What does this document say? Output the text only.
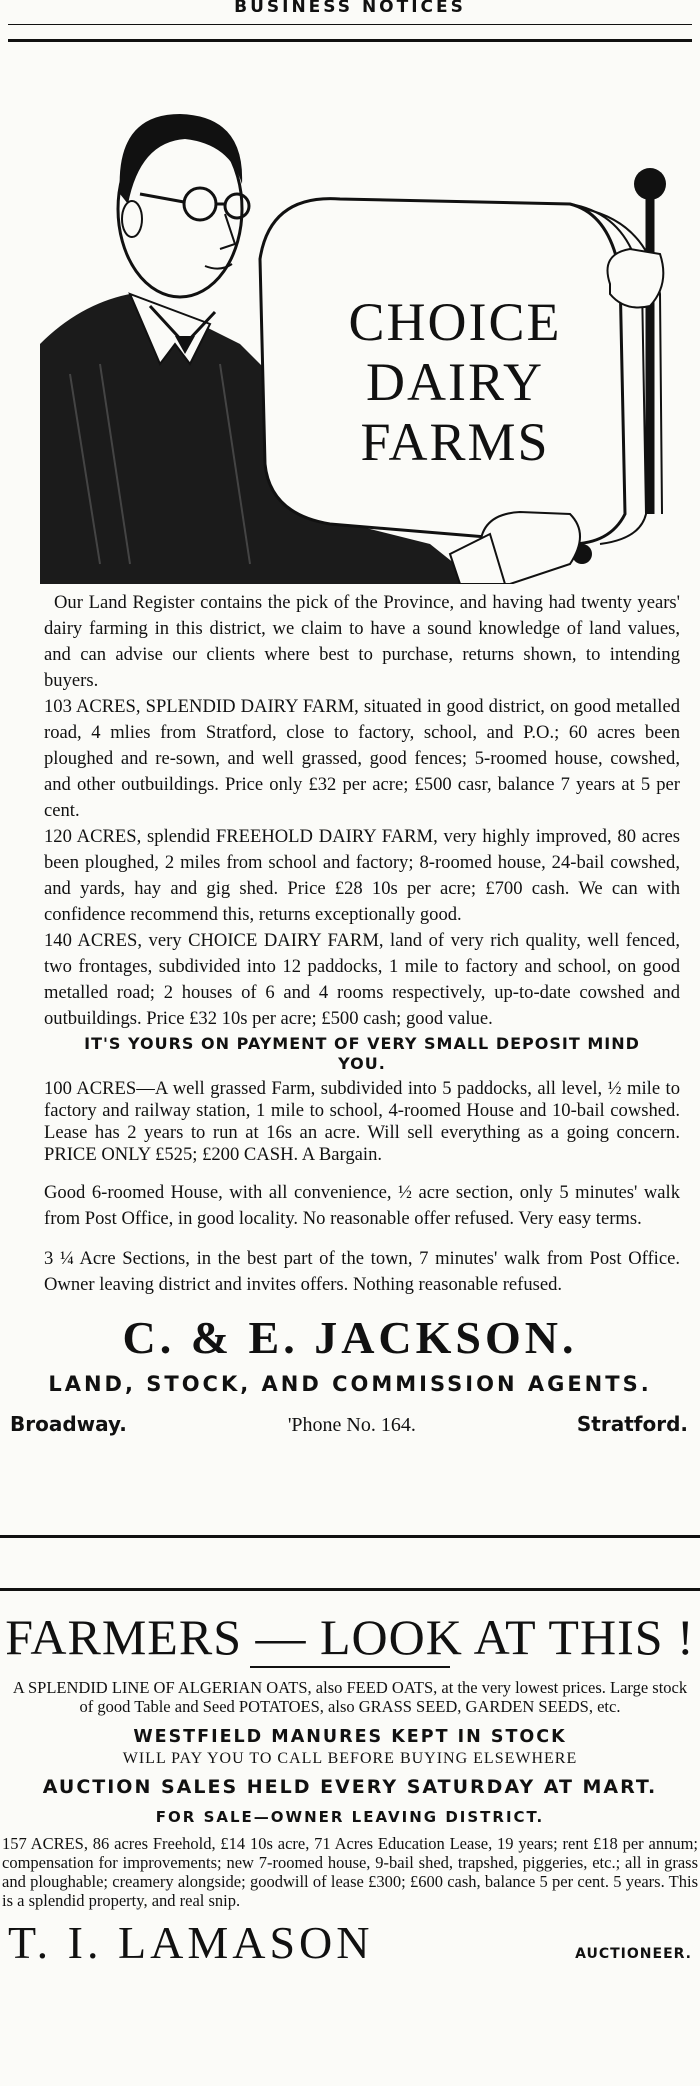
BUSINESS NOTICES
CHOICE
DAIRY
FARMS

Our Land Register contains the pick of the Province, and having had twenty years' dairy farming in this district, we claim to have a sound knowledge of land values, and can advise our clients where best to purchase, returns shown, to intending buyers.

103 ACRES, SPLENDID DAIRY FARM, situated in good district, on good metalled road, 4 mlies from Stratford, close to factory, school, and P.O.; 60 acres been ploughed and re-sown, and well grassed, good fences; 5-roomed house, cowshed, and other outbuildings. Price only £32 per acre; £500 casr, balance 7 years at 5 per cent.

120 ACRES, splendid FREEHOLD DAIRY FARM, very highly improved, 80 acres been ploughed, 2 miles from school and factory; 8-roomed house, 24-bail cowshed, and yards, hay and gig shed. Price £28 10s per acre; £700 cash. We can with confidence recommend this, returns exceptionally good.

140 ACRES, very CHOICE DAIRY FARM, land of very rich quality, well fenced, two frontages, subdivided into 12 paddocks, 1 mile to factory and school, on good metalled road; 2 houses of 6 and 4 rooms respectively, up-to-date cowshed and outbuildings. Price £32 10s per acre; £500 cash; good value.

IT'S YOURS ON PAYMENT OF VERY SMALL DEPOSIT MIND YOU.

100 ACRES—A well grassed Farm, subdivided into 5 paddocks, all level, ½ mile to factory and railway station, 1 mile to school, 4-roomed House and 10-bail cowshed. Lease has 2 years to run at 16s an acre. Will sell everything as a going concern. PRICE ONLY £525; £200 CASH. A Bargain.

Good 6-roomed House, with all convenience, ½ acre section, only 5 minutes' walk from Post Office, in good locality. No reasonable offer refused. Very easy terms.

3 ¼ Acre Sections, in the best part of the town, 7 minutes' walk from Post Office. Owner leaving district and invites offers. Nothing reasonable refused.

C. & E. JACKSON.
LAND, STOCK, AND COMMISSION AGENTS.
Broadway.	'Phone No. 164.	Stratford.
FARMERS — LOOK AT THIS !
A SPLENDID LINE OF ALGERIAN OATS, also FEED OATS, at the very lowest prices. Large stock of good Table and Seed POTATOES, also GRASS SEED, GARDEN SEEDS, etc.
WESTFIELD MANURES KEPT IN STOCK
WILL PAY YOU TO CALL BEFORE BUYING ELSEWHERE
AUCTION SALES HELD EVERY SATURDAY AT MART.
FOR SALE—OWNER LEAVING DISTRICT.
157 ACRES, 86 acres Freehold, £14 10s acre, 71 Acres Education Lease, 19 years; rent £18 per annum; compensation for improvements; new 7-roomed house, 9-bail shed, trapshed, piggeries, etc.; all in grass and ploughable; creamery alongside; goodwill of lease £300; £600 cash, balance 5 per cent. 5 years. This is a splendid property, and real snip.
T. I. LAMASON	AUCTIONEER.
